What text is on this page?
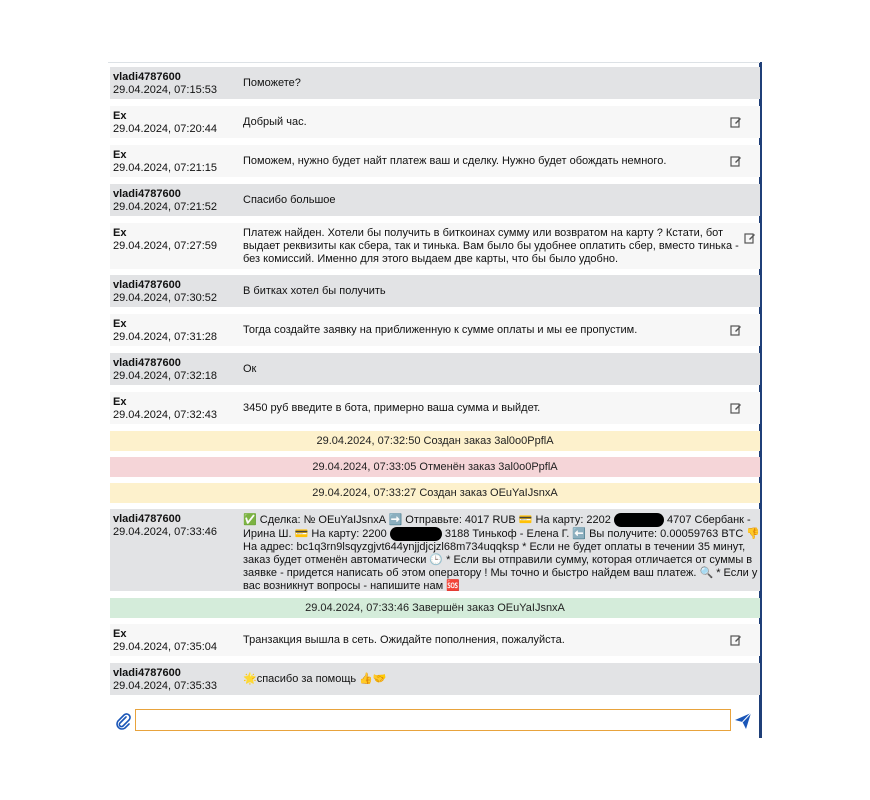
vladi4787600
29.04.2024, 07:15:53
Поможете?
Ex
29.04.2024, 07:20:44
Добрый час.
Ex
29.04.2024, 07:21:15
Поможем, нужно будет найт платеж ваш и сделку. Нужно будет обождать немного.
vladi4787600
29.04.2024, 07:21:52
Спасибо большое
Ex
29.04.2024, 07:27:59
Платеж найден. Хотели бы получить в биткоинах сумму или возвратом на карту ? Кстати, бот выдает реквизиты как сбера, так и тинька. Вам было бы удобнее оплатить сбер, вместо тинька - без комиссий. Именно для этого выдаем две карты, что бы было удобно.
vladi4787600
29.04.2024, 07:30:52
В битках хотел бы получить
Ex
29.04.2024, 07:31:28
Тогда создайте заявку на приближенную к сумме оплаты и мы ее пропустим.
vladi4787600
29.04.2024, 07:32:18
Ок
Ex
29.04.2024, 07:32:43
3450 руб введите в бота, примерно ваша сумма и выйдет.
29.04.2024, 07:32:50 Создан заказ 3al0o0PpflA
29.04.2024, 07:33:05 Отменён заказ 3al0o0PpflA
29.04.2024, 07:33:27 Создан заказ OEuYaIJsnxA
vladi4787600
29.04.2024, 07:33:46
✅ Сделка: № OEuYaIJsnxA ➡️ Отправьте: 4017 RUB 💳 На карту: 2202	4707 Сбербанк - Ирина Ш. 💳 На карту: 2200	3188 Тинькоф - Елена Г. ⬅️ Вы получите: 0.00059763 BTC 👎 На адрес: bc1q3rn9lsqyzgjvt644ynjjdjcjzl68m734uqqksp * Если не будет оплаты в течении 35 минут, заказ будет отменён автоматически 🕒 * Если вы отправили сумму, которая отличается от суммы в заявке - придется написать об этом оператору ! Мы точно и быстро найдем ваш платеж. 🔍 * Если у вас возникнут вопросы - напишите нам 🆘
29.04.2024, 07:33:46 Завершён заказ OEuYaIJsnxA
Ex
29.04.2024, 07:35:04
Транзакция вышла в сеть. Ожидайте пополнения, пожалуйста.
vladi4787600
29.04.2024, 07:35:33
🌟спасибо за помощь 👍🤝
